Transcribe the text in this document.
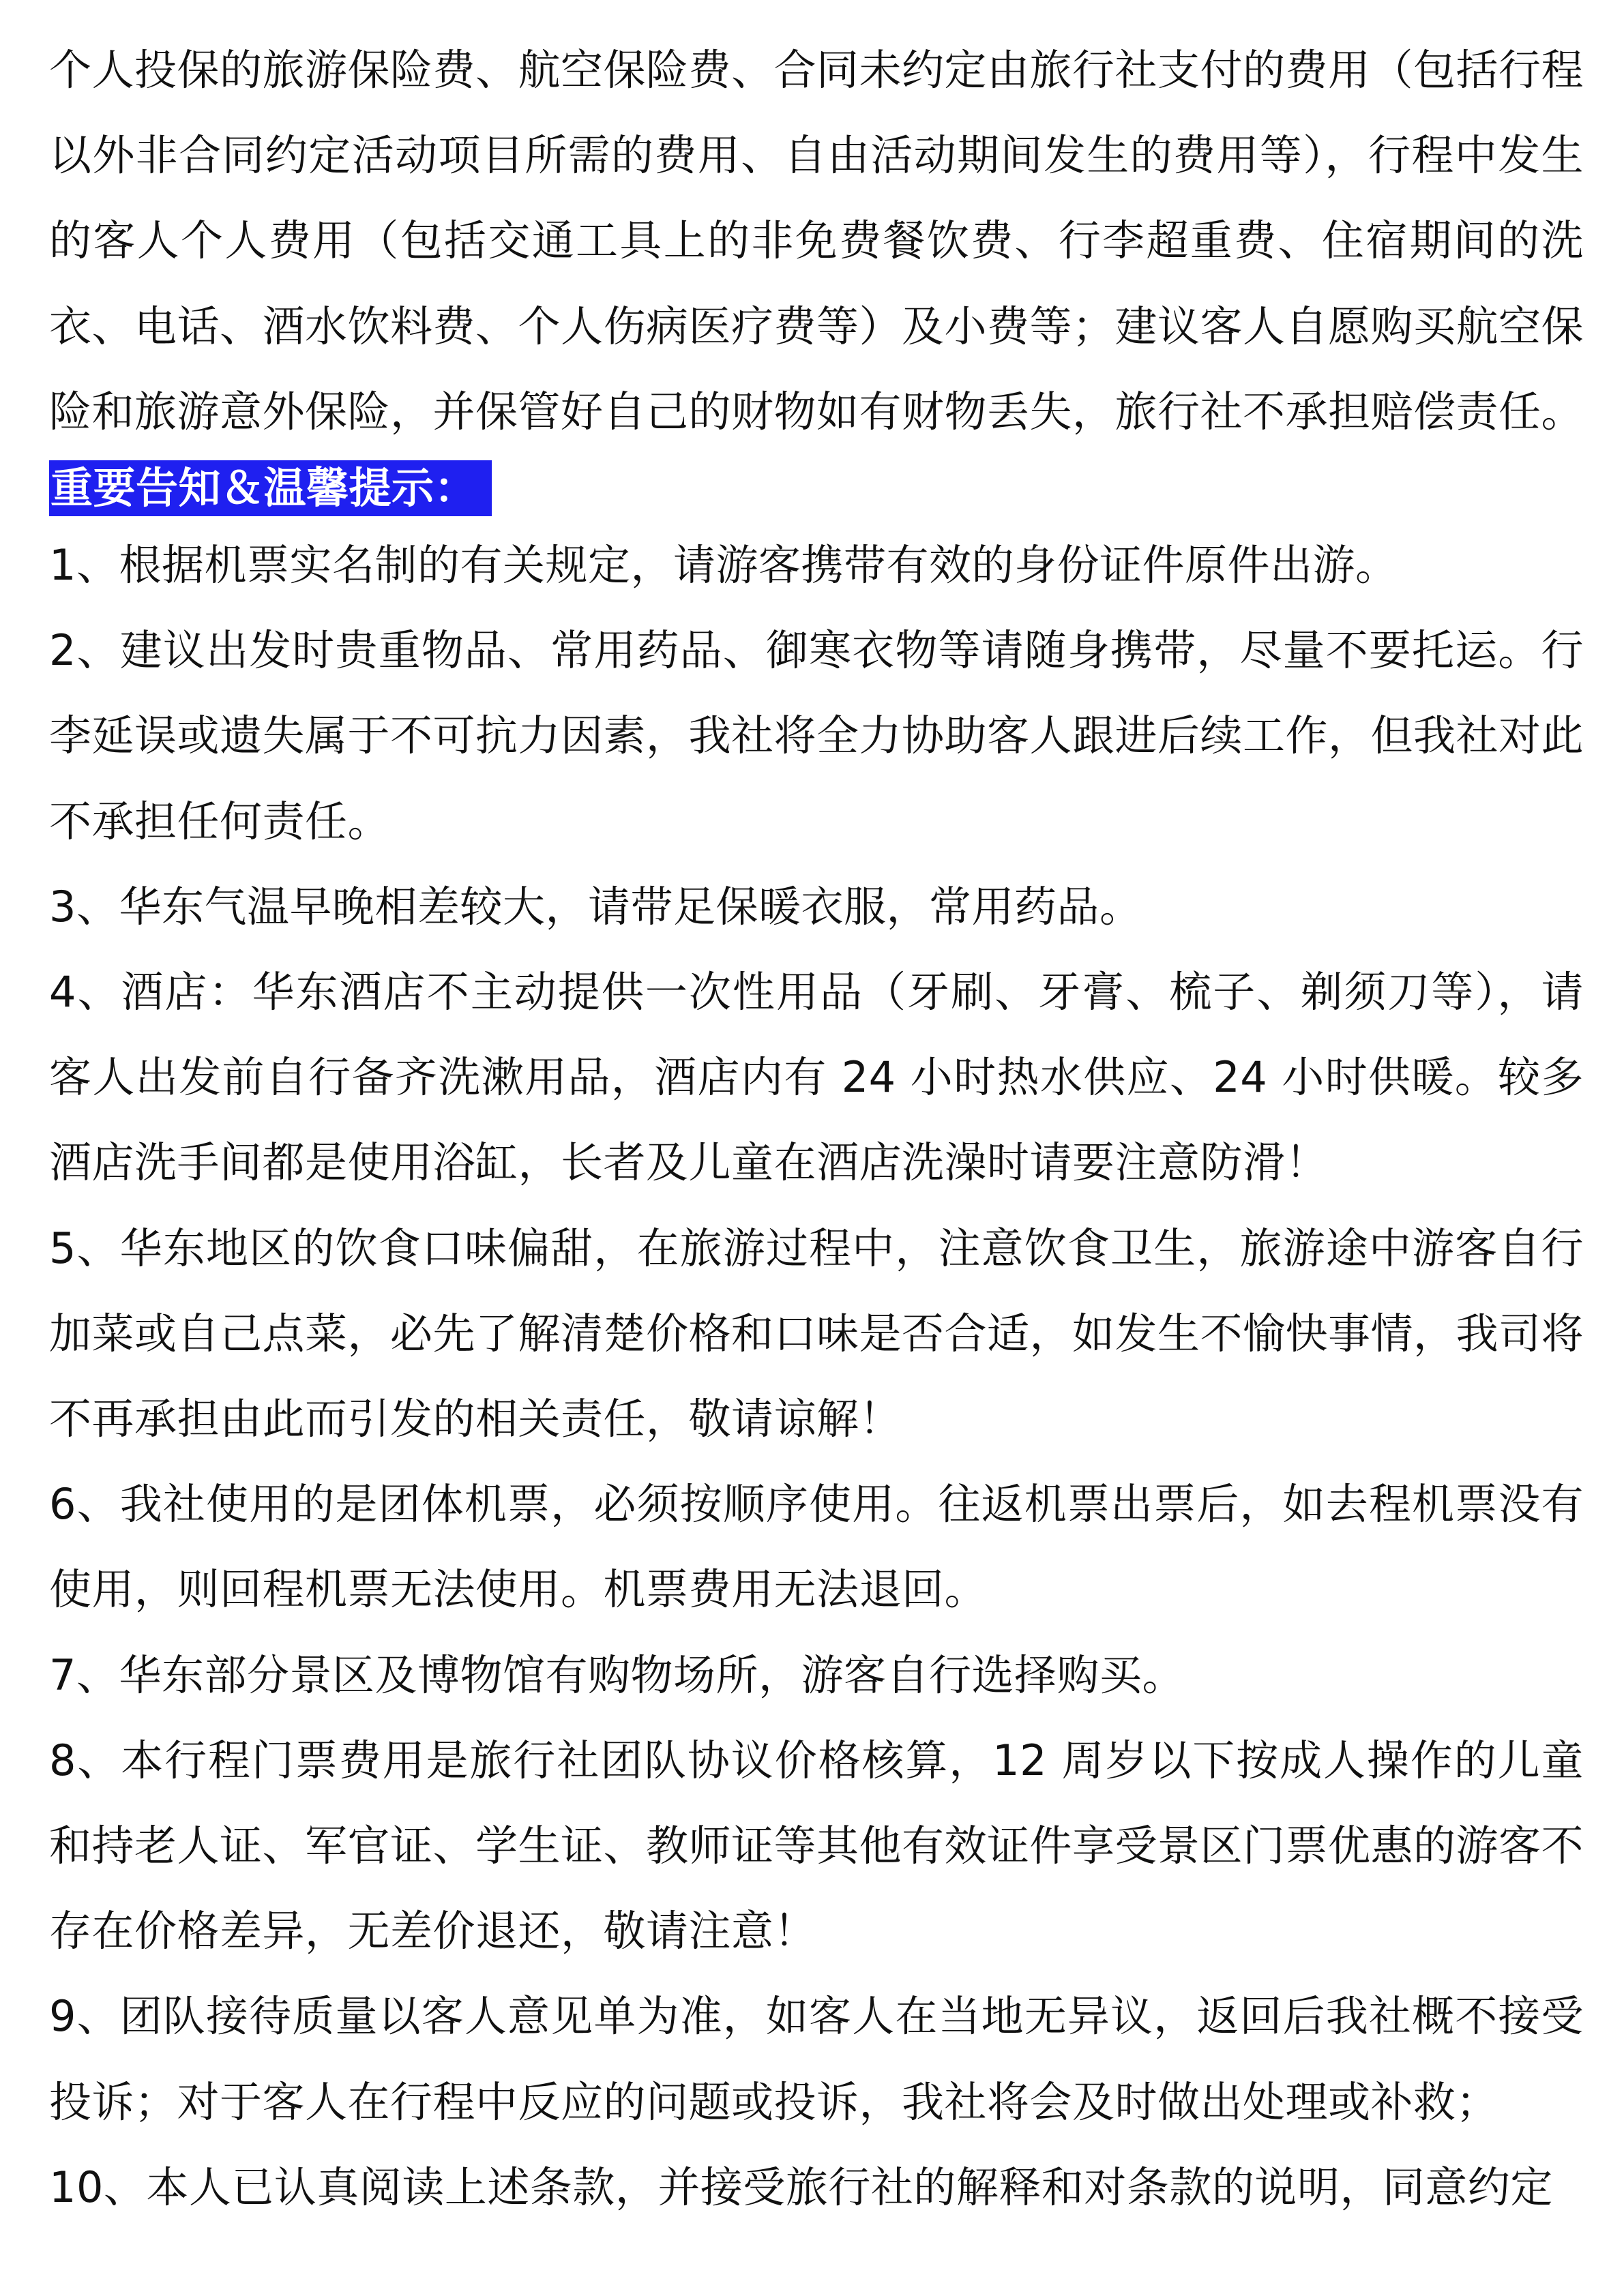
个人投保的旅游保险费、航空保险费、合同未约定由旅行社支付的费用（包括行程以外非合同约定活动项目所需的费用、自由活动期间发生的费用等），行程中发生的客人个人费用（包括交通工具上的非免费餐饮费、行李超重费、住宿期间的洗衣、电话、酒水饮料费、个人伤病医疗费等）及小费等；建议客人自愿购买航空保险和旅游意外保险，并保管好自己的财物如有财物丢失，旅行社不承担赔偿责任。

重要告知＆温馨提示：

1、根据机票实名制的有关规定，请游客携带有效的身份证件原件出游。

2、建议出发时贵重物品、常用药品、御寒衣物等请随身携带，尽量不要托运。行李延误或遗失属于不可抗力因素，我社将全力协助客人跟进后续工作，但我社对此不承担任何责任。

3、华东气温早晚相差较大，请带足保暖衣服，常用药品。

4、酒店：华东酒店不主动提供一次性用品（牙刷、牙膏、梳子、剃须刀等），请客人出发前自行备齐洗漱用品，酒店内有 24 小时热水供应、24 小时供暖。较多酒店洗手间都是使用浴缸，长者及儿童在酒店洗澡时请要注意防滑！

5、华东地区的饮食口味偏甜，在旅游过程中，注意饮食卫生，旅游途中游客自行加菜或自己点菜，必先了解清楚价格和口味是否合适，如发生不愉快事情，我司将不再承担由此而引发的相关责任，敬请谅解！

6、我社使用的是团体机票，必须按顺序使用。往返机票出票后，如去程机票没有使用，则回程机票无法使用。机票费用无法退回。

7、华东部分景区及博物馆有购物场所，游客自行选择购买。

8、本行程门票费用是旅行社团队协议价格核算，12 周岁以下按成人操作的儿童和持老人证、军官证、学生证、教师证等其他有效证件享受景区门票优惠的游客不存在价格差异，无差价退还，敬请注意！

9、团队接待质量以客人意见单为准，如客人在当地无异议，返回后我社概不接受投诉；对于客人在行程中反应的问题或投诉，我社将会及时做出处理或补救；

10、本人已认真阅读上述条款，并接受旅行社的解释和对条款的说明，同意约定
